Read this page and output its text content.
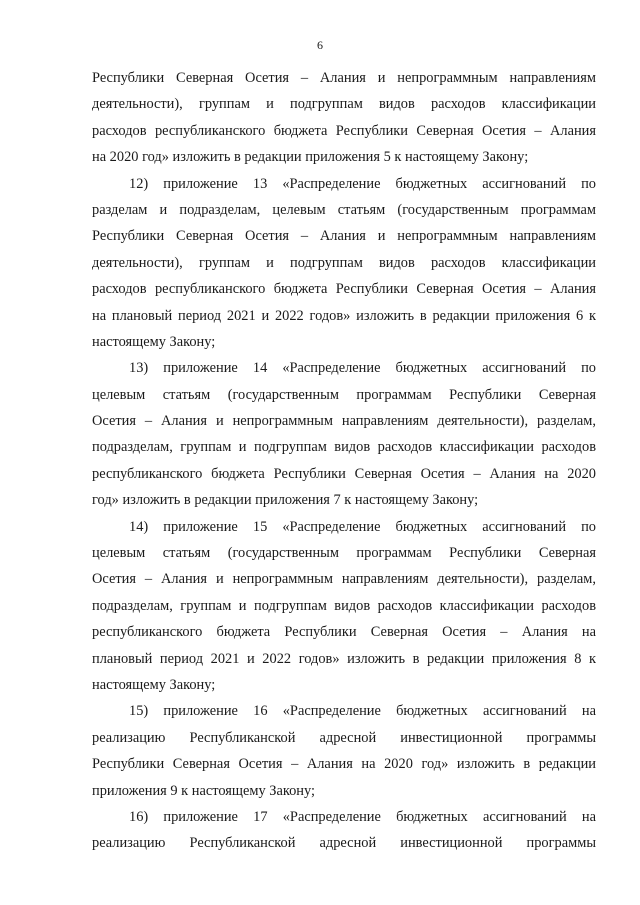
6
Республики Северная Осетия – Алания и непрограммным направлениям
деятельности), группам и подгруппам видов расходов классификации
расходов республиканского бюджета Республики Северная Осетия – Алания
на 2020 год» изложить в редакции приложения 5 к настоящему Закону;
12) приложение 13 «Распределение бюджетных ассигнований по
разделам и подразделам, целевым статьям (государственным программам
Республики Северная Осетия – Алания и непрограммным направлениям
деятельности), группам и подгруппам видов расходов классификации
расходов республиканского бюджета Республики Северная Осетия – Алания
на плановый период 2021 и 2022 годов» изложить в редакции приложения 6 к
настоящему Закону;
13) приложение 14 «Распределение бюджетных ассигнований по
целевым статьям (государственным программам Республики Северная
Осетия – Алания и непрограммным направлениям деятельности), разделам,
подразделам, группам и подгруппам видов расходов классификации расходов
республиканского бюджета Республики Северная Осетия – Алания на 2020
год» изложить в редакции приложения 7 к настоящему Закону;
14) приложение 15 «Распределение бюджетных ассигнований по
целевым статьям (государственным программам Республики Северная
Осетия – Алания и непрограммным направлениям деятельности), разделам,
подразделам, группам и подгруппам видов расходов классификации расходов
республиканского бюджета Республики Северная Осетия – Алания на
плановый период 2021 и 2022 годов» изложить в редакции приложения 8 к
настоящему Закону;
15) приложение 16 «Распределение бюджетных ассигнований на
реализацию Республиканской адресной инвестиционной программы
Республики Северная Осетия – Алания на 2020 год» изложить в редакции
приложения 9 к настоящему Закону;
16) приложение 17 «Распределение бюджетных ассигнований на
реализацию Республиканской адресной инвестиционной программы
